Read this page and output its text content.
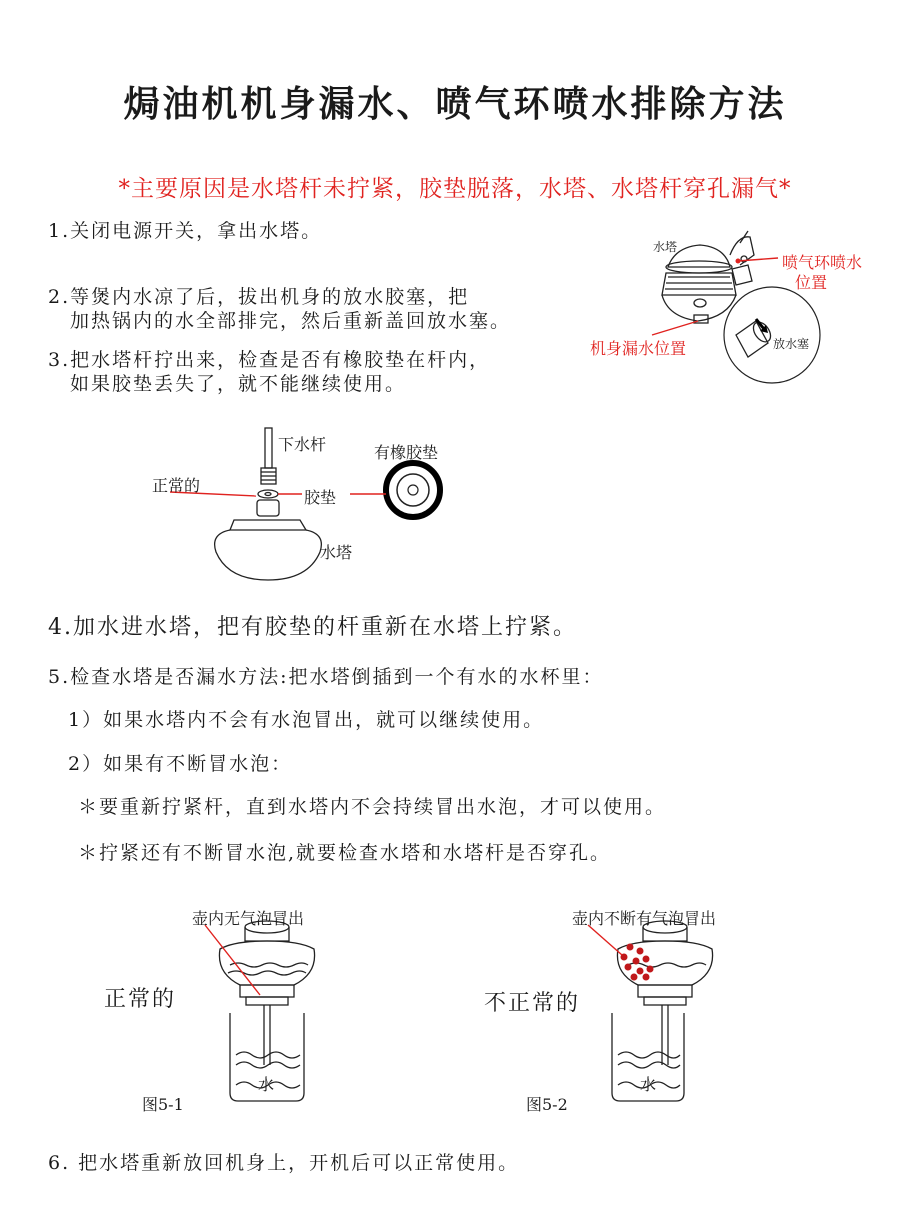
焗油机机身漏水、喷气环喷水排除方法
*主要原因是水塔杆未拧紧，胶垫脱落，水塔、水塔杆穿孔漏气*
1.关闭电源开关，拿出水塔。
2.等煲内水凉了后，拔出机身的放水胶塞，把
加热锅内的水全部排完，然后重新盖回放水塞。
3.把水塔杆拧出来，检查是否有橡胶垫在杆内，
如果胶垫丢失了，就不能继续使用。
水塔
喷气环喷水
位置
机身漏水位置	放水塞
下水杆
正常的
胶垫
水塔
有橡胶垫
4.加水进水塔，把有胶垫的杆重新在水塔上拧紧。
5.检查水塔是否漏水方法:把水塔倒插到一个有水的水杯里：
1）如果水塔内不会有水泡冒出，就可以继续使用。
2）如果有不断冒水泡：
＊要重新拧紧杆，直到水塔内不会持续冒出水泡，才可以使用。
＊拧紧还有不断冒水泡,就要检查水塔和水塔杆是否穿孔。
壶内无气泡冒出
正常的
水
图5-1
壶内不断有气泡冒出
不正常的
水
图5-2
6. 把水塔重新放回机身上，开机后可以正常使用。
